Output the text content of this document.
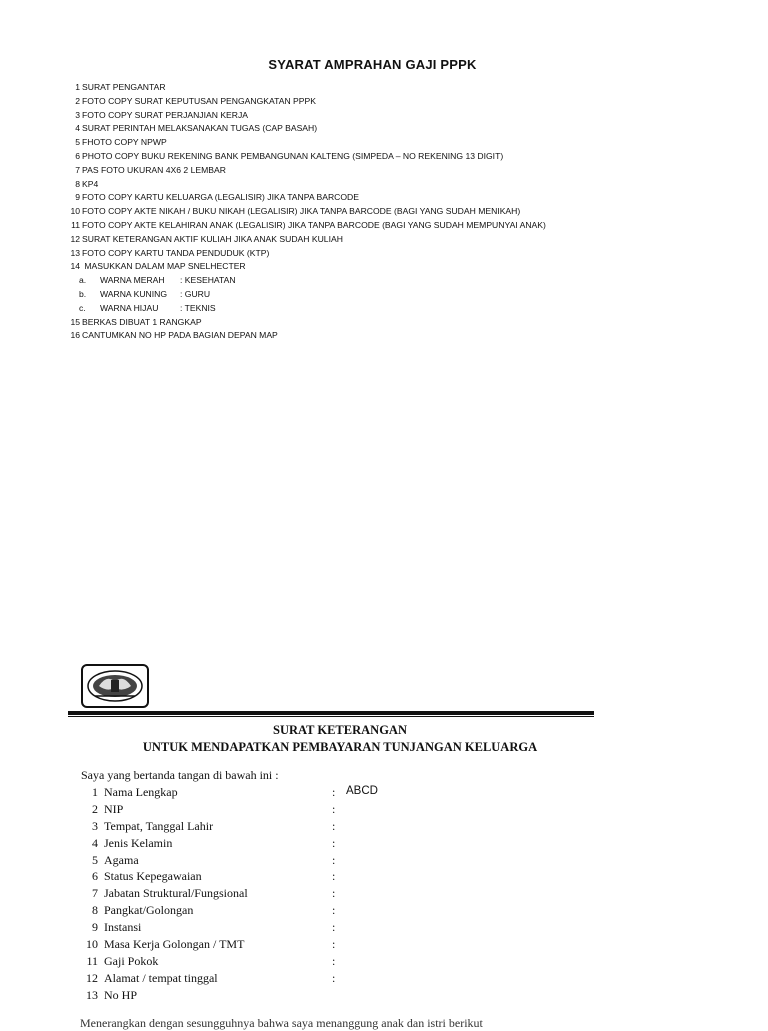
SYARAT AMPRAHAN GAJI PPPK
1 SURAT PENGANTAR
2 FOTO COPY SURAT KEPUTUSAN PENGANGKATAN PPPK
3 FOTO COPY SURAT PERJANJIAN KERJA
4 SURAT PERINTAH MELAKSANAKAN TUGAS (CAP BASAH)
5 FHOTO COPY NPWP
6 PHOTO COPY BUKU REKENING BANK PEMBANGUNAN KALTENG (SIMPEDA – NO REKENING 13 DIGIT)
7 PAS FOTO UKURAN 4X6 2 LEMBAR
8 KP4
9 FOTO COPY KARTU KELUARGA (LEGALISIR) JIKA TANPA BARCODE
10 FOTO COPY AKTE NIKAH / BUKU NIKAH (LEGALISIR) JIKA TANPA BARCODE (BAGI YANG SUDAH MENIKAH)
11 FOTO COPY AKTE KELAHIRAN ANAK (LEGALISIR) JIKA TANPA BARCODE (BAGI YANG SUDAH MEMPUNYAI ANAK)
12 SURAT KETERANGAN AKTIF KULIAH JIKA ANAK SUDAH KULIAH
13 FOTO COPY KARTU TANDA PENDUDUK (KTP)
14 MASUKKAN DALAM MAP SNELHECTER
a. WARNA MERAH : KESEHATAN
b. WARNA KUNING : GURU
c. WARNA HIJAU	: TEKNIS
15 BERKAS DIBUAT 1 RANGKAP
16 CANTUMKAN NO HP PADA BAGIAN DEPAN MAP
SURAT KETERANGAN
UNTUK MENDAPATKAN PEMBAYARAN TUNJANGAN KELUARGA
Saya yang bertanda tangan di bawah ini :
1 Nama Lengkap	: ABCD
2 NIP	:
3 Tempat, Tanggal Lahir	:
4 Jenis Kelamin	:
5 Agama	:
6 Status Kepegawaian	:
7 Jabatan Struktural/Fungsional	:
8 Pangkat/Golongan	:
9 Instansi	:
10 Masa Kerja Golongan / TMT	:
11 Gaji Pokok	:
12 Alamat / tempat tinggal	:
13 No HP
Menerangkan dengan sesungguhnya bahwa saya menanggung anak dan istri berikut
